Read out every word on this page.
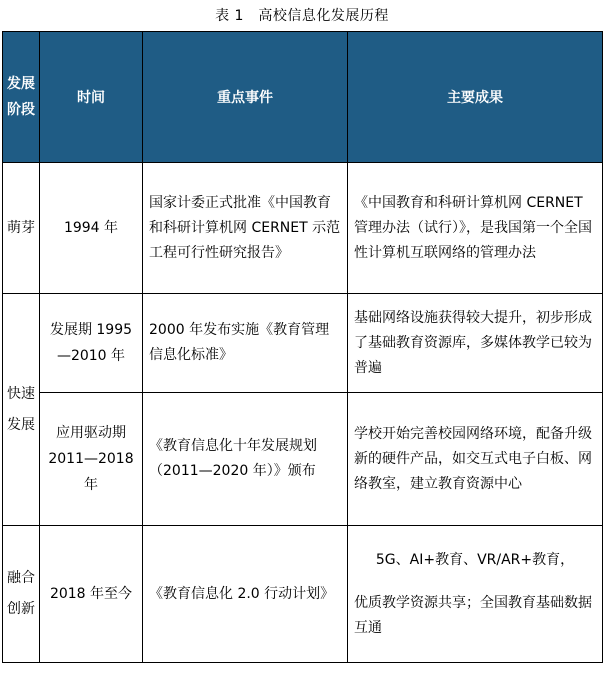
表 1　高校信息化发展历程
发展阶段	时间	重点事件	主要成果

萌芽	1994 年	国家计委正式批准《中国教育和科研计算机网 CERNET 示范工程可行性研究报告》	《中国教育和科研计算机网 CERNET 管理办法（试行）》，是我国第一个全国性计算机互联网络的管理办法

快速发展	发展期 1995—2010 年	2000 年发布实施《教育管理信息化标准》	基础网络设施获得较大提升，初步形成了基础教育资源库，多媒体教学已较为普遍

	应用驱动期 2011—2018 年	《教育信息化十年发展规划（2011—2020 年）》颁布	学校开始完善校园网络环境，配备升级新的硬件产品，如交互式电子白板、网络教室，建立教育资源中心

融合创新	2018 年至今	《教育信息化 2.0 行动计划》	5G、AI+教育、VR/AR+教育，
优质教学资源共享；全国教育基础数据互通
